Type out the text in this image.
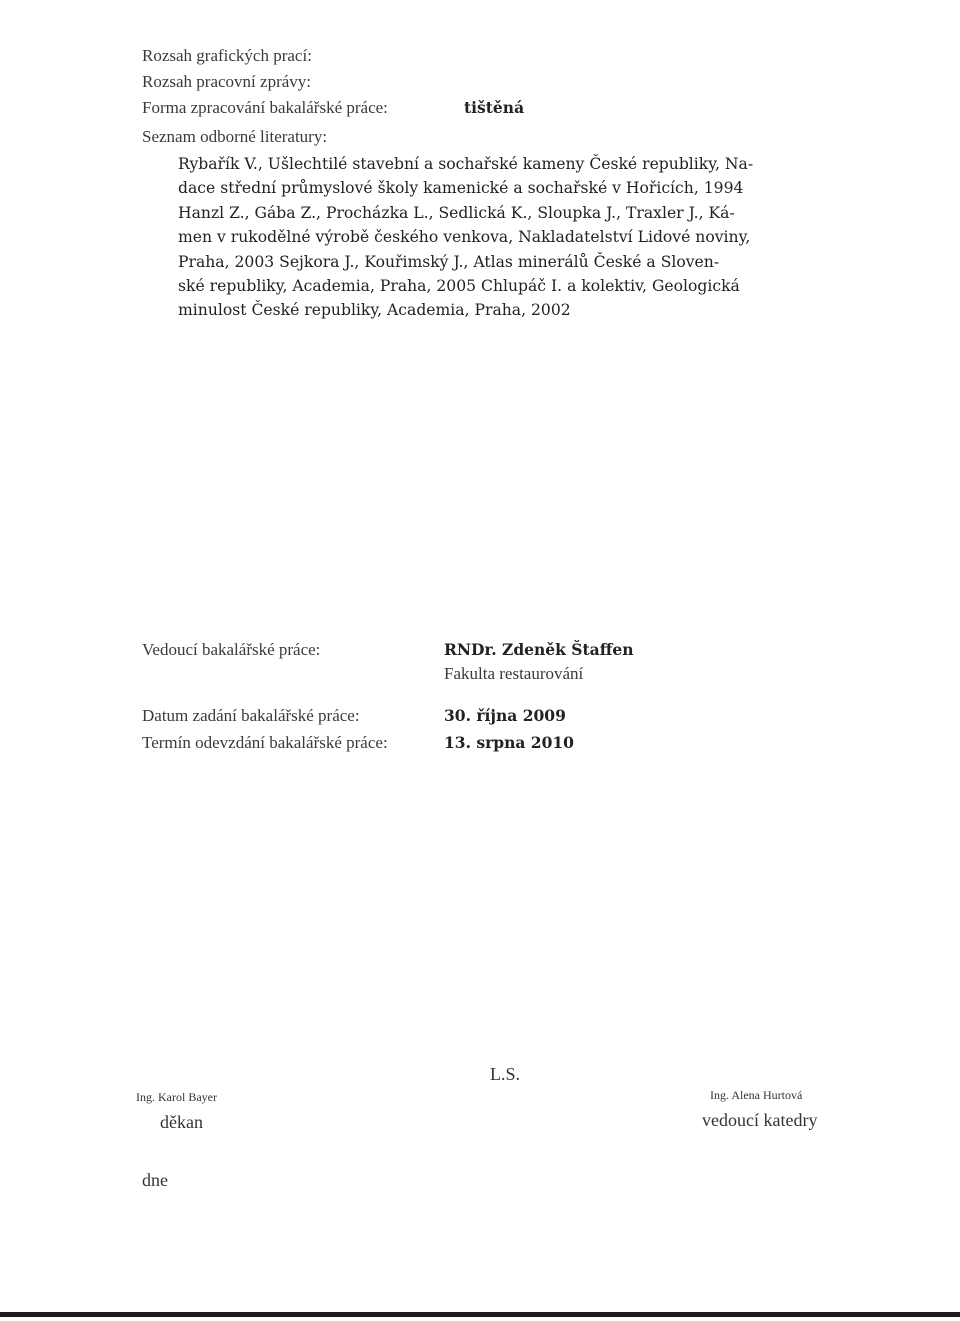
Rozsah grafických prací:
Rozsah pracovní zprávy:
Forma zpracování bakalářské práce:	tištěná
Seznam odborné literatury:
Rybařík V., Ušlechtilé stavební a sochařské kameny České republiky, Na-
dace střední průmyslové školy kamenické a sochařské v Hořicích, 1994
Hanzl Z., Gába Z., Procházka L., Sedlická K., Sloupka J., Traxler J., Ká-
men v rukodělné výrobě českého venkova, Nakladatelství Lidové noviny,
Praha, 2003 Sejkora J., Kouřimský J., Atlas minerálů České a Sloven-
ské republiky, Academia, Praha, 2005 Chlupáč I. a kolektiv, Geologická
minulost České republiky, Academia, Praha, 2002
Vedoucí bakalářské práce:	RNDr. Zdeněk Štaffen
Fakulta restaurování
Datum zadání bakalářské práce:	30. října 2009
Termín odevzdání bakalářské práce:	13. srpna 2010
L.S.
Ing. Karol Bayer
děkan
Ing. Alena Hurtová
vedoucí katedry
dne
